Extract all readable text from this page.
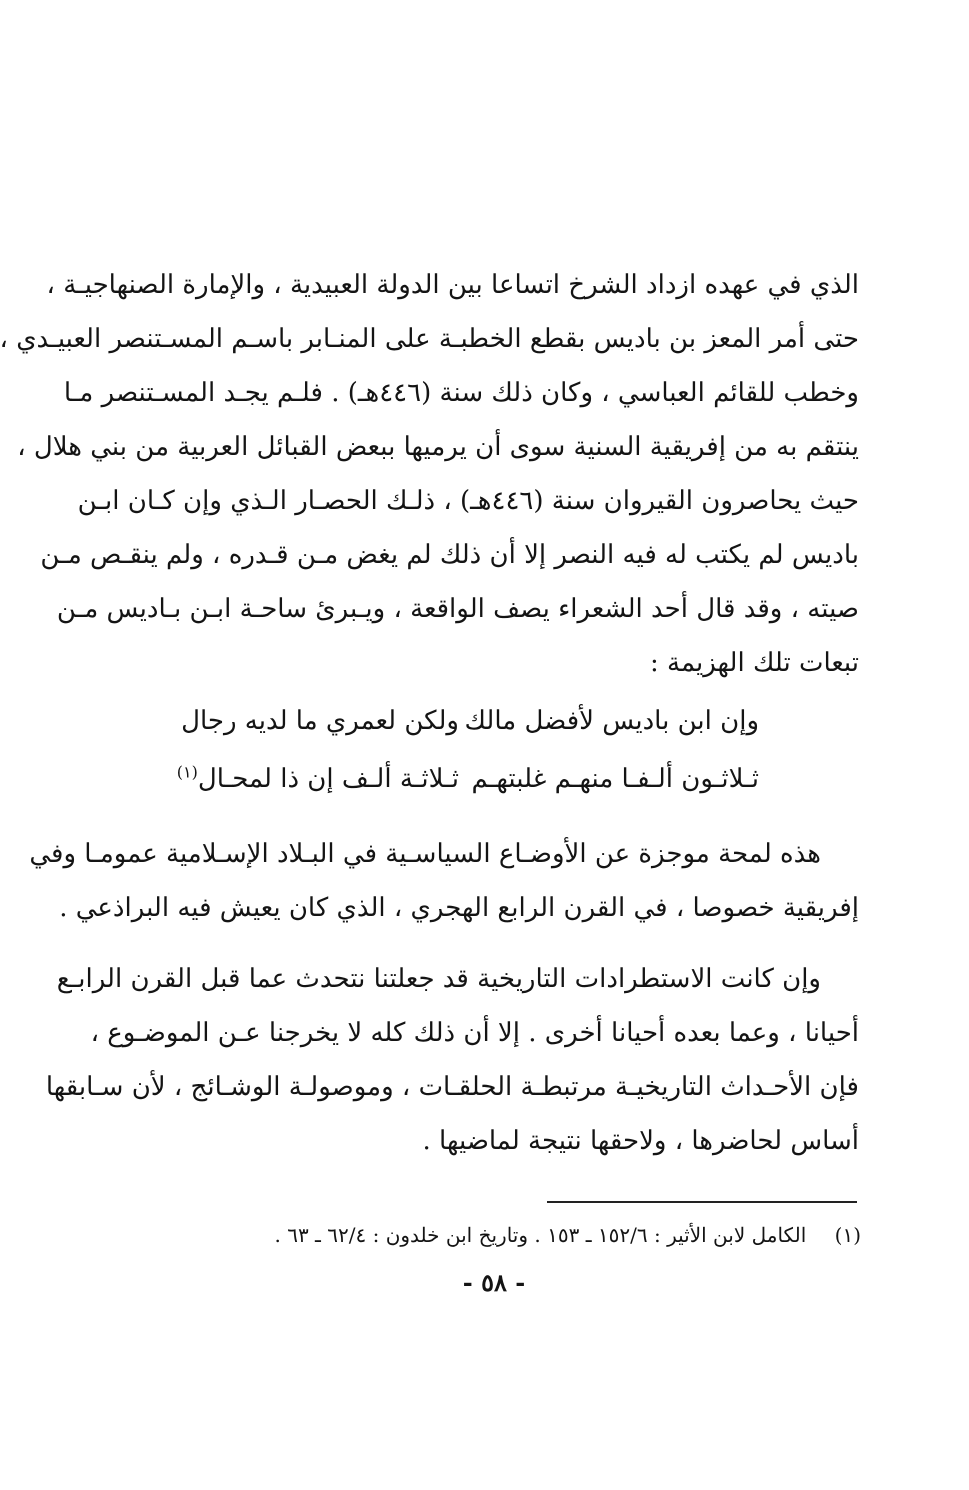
الذي في عهده ازداد الشرخ اتساعا بين الدولة العبيدية ، والإمارة الصنهاجيـة ،
حتى أمر المعز بن باديس بقطع الخطبـة على المنـابر باسـم المسـتنصر العبيـدي ،
وخطب للقائم العباسي ، وكان ذلك سنة (٤٤٦هـ) . فلـم يجـد المسـتنصر مـا
ينتقم به من إفريقية السنية سوى أن يرميها ببعض القبائل العربية من بني هلال ،
حيث يحاصرون القيروان سنة (٤٤٦هـ) ، ذلـك الحصـار الـذي وإن كـان ابـن
باديس لم يكتب له فيه النصر إلا أن ذلك لم يغض مـن قـدره ، ولم ينقـص مـن
صيته ، وقد قال أحد الشعراء يصف الواقعة ، ويـبرئ ساحـة ابـن بـاديس مـن
تبعات تلك الهزيمة :
وإن ابن باديس لأفضل مالك
ولكن لعمري ما لديه رجال
ثـلاثـون ألـفـا منهـم غلبتهـم
ثـلاثـة ألـف إن ذا لمحـال$^{(١)}$
هذه لمحة موجزة عن الأوضـاع السياسـية في البـلاد الإسـلامية عمومـا وفي
إفريقية خصوصا ، في القرن الرابع الهجري ، الذي كان يعيش فيه البراذعي .
وإن كانت الاستطرادات التاريخية قد جعلتنا نتحدث عما قبل القرن الرابـع
أحيانا ، وعما بعده أحيانا أخرى . إلا أن ذلك كله لا يخرجنا عـن الموضـوع ،
فإن الأحـداث التاريخيـة مرتبطـة الحلقـات ، وموصولـة الوشـائج ، لأن سـابقها
أساس لحاضرها ، ولاحقها نتيجة لماضيها .
(١) الكامل لابن الأثير : ١٥٢/٦ ـ ١٥٣ . وتاريخ ابن خلدون : ٦٢/٤ ـ ٦٣ .
- ٥٨ -
